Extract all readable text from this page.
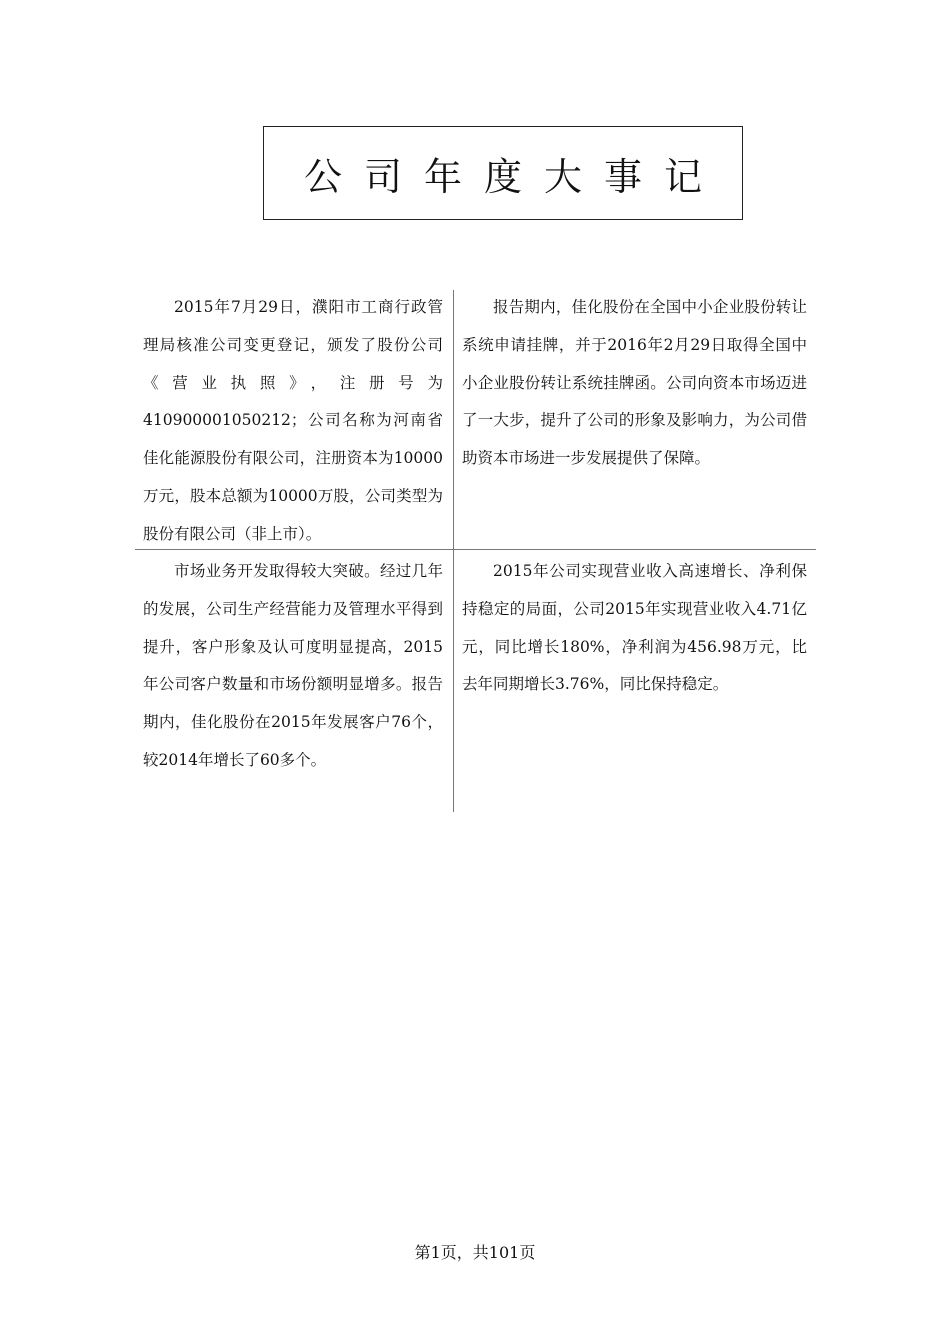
公司年度大事记

2015年7月29日，濮阳市工商行政管理局核准公司变更登记，颁发了股份公司《营业执照》，注册号为410900001050212；公司名称为河南省佳化能源股份有限公司，注册资本为10000万元，股本总额为10000万股，公司类型为股份有限公司（非上市）。

报告期内，佳化股份在全国中小企业股份转让系统申请挂牌，并于2016年2月29日取得全国中小企业股份转让系统挂牌函。公司向资本市场迈进了一大步，提升了公司的形象及影响力，为公司借助资本市场进一步发展提供了保障。

市场业务开发取得较大突破。经过几年的发展，公司生产经营能力及管理水平得到提升，客户形象及认可度明显提高，2015年公司客户数量和市场份额明显增多。报告期内，佳化股份在2015年发展客户76个，较2014年增长了60多个。

2015年公司实现营业收入高速增长、净利保持稳定的局面，公司2015年实现营业收入4.71亿元，同比增长180%，净利润为456.98万元，比去年同期增长3.76%，同比保持稳定。

第1页，共101页
